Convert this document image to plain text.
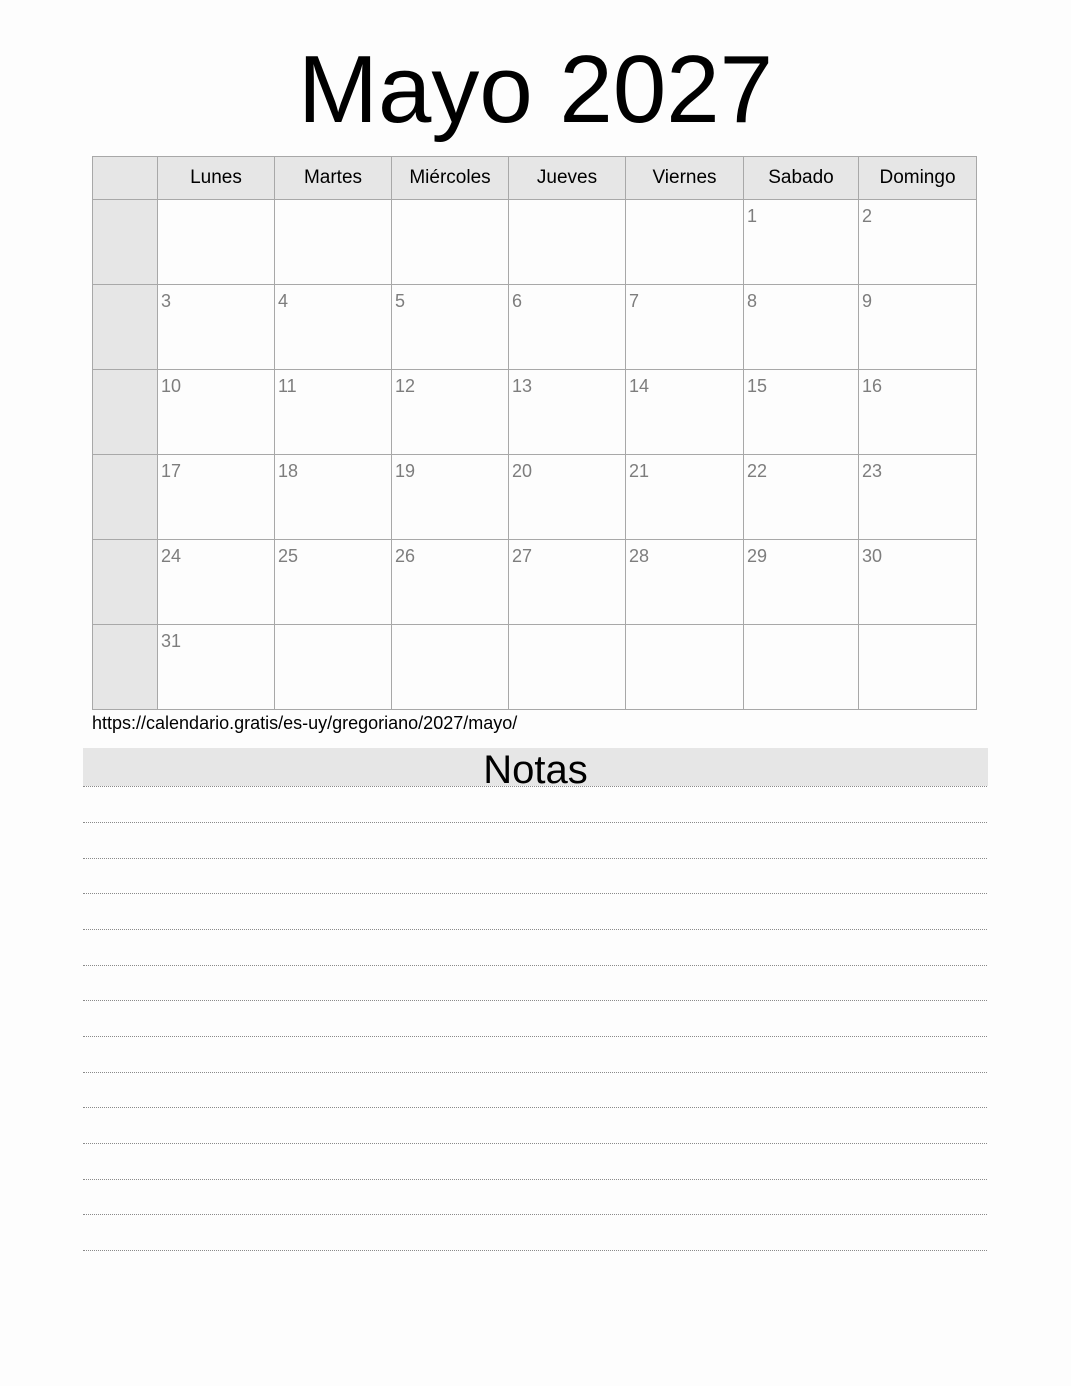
Mayo 2027
	Lunes	Martes	Miércoles	Jueves	Viernes	Sabado	Domingo
						1	2
	3	4	5	6	7	8	9
	10	11	12	13	14	15	16
	17	18	19	20	21	22	23
	24	25	26	27	28	29	30
	31						
https://calendario.gratis/es-uy/gregoriano/2027/mayo/
Notas
